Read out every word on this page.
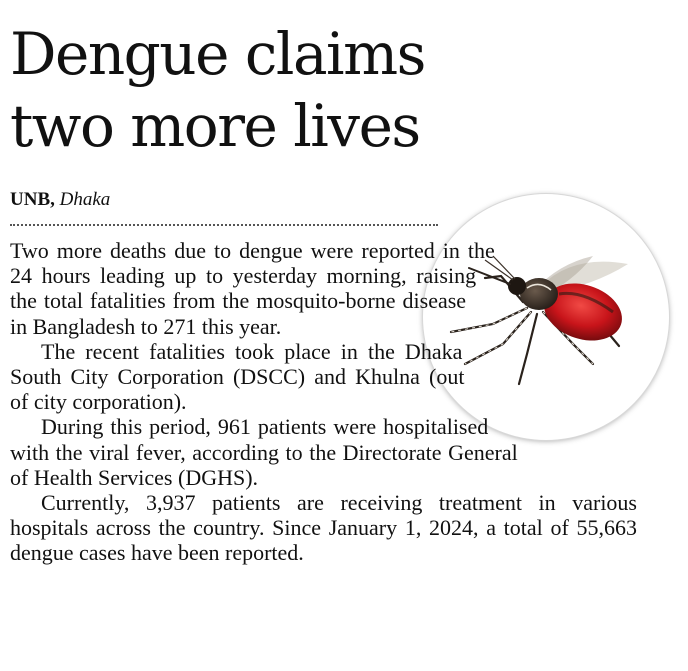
Dengue claims
two more lives
UNB, Dhaka

Two more deaths due to dengue were reported in the 24 hours leading up to yesterday morning, raising the total fatalities from the mosquito-borne disease in Bangladesh to 271 this year.

The recent fatalities took place in the Dhaka South City Corporation (DSCC) and Khulna (out of city corporation).

During this period, 961 patients were hospitalised with the viral fever, according to the Directorate General of Health Services (DGHS).

Currently, 3,937 patients are receiving treatment in various hospitals across the country. Since January 1, 2024, a total of 55,663 dengue cases have been reported.
